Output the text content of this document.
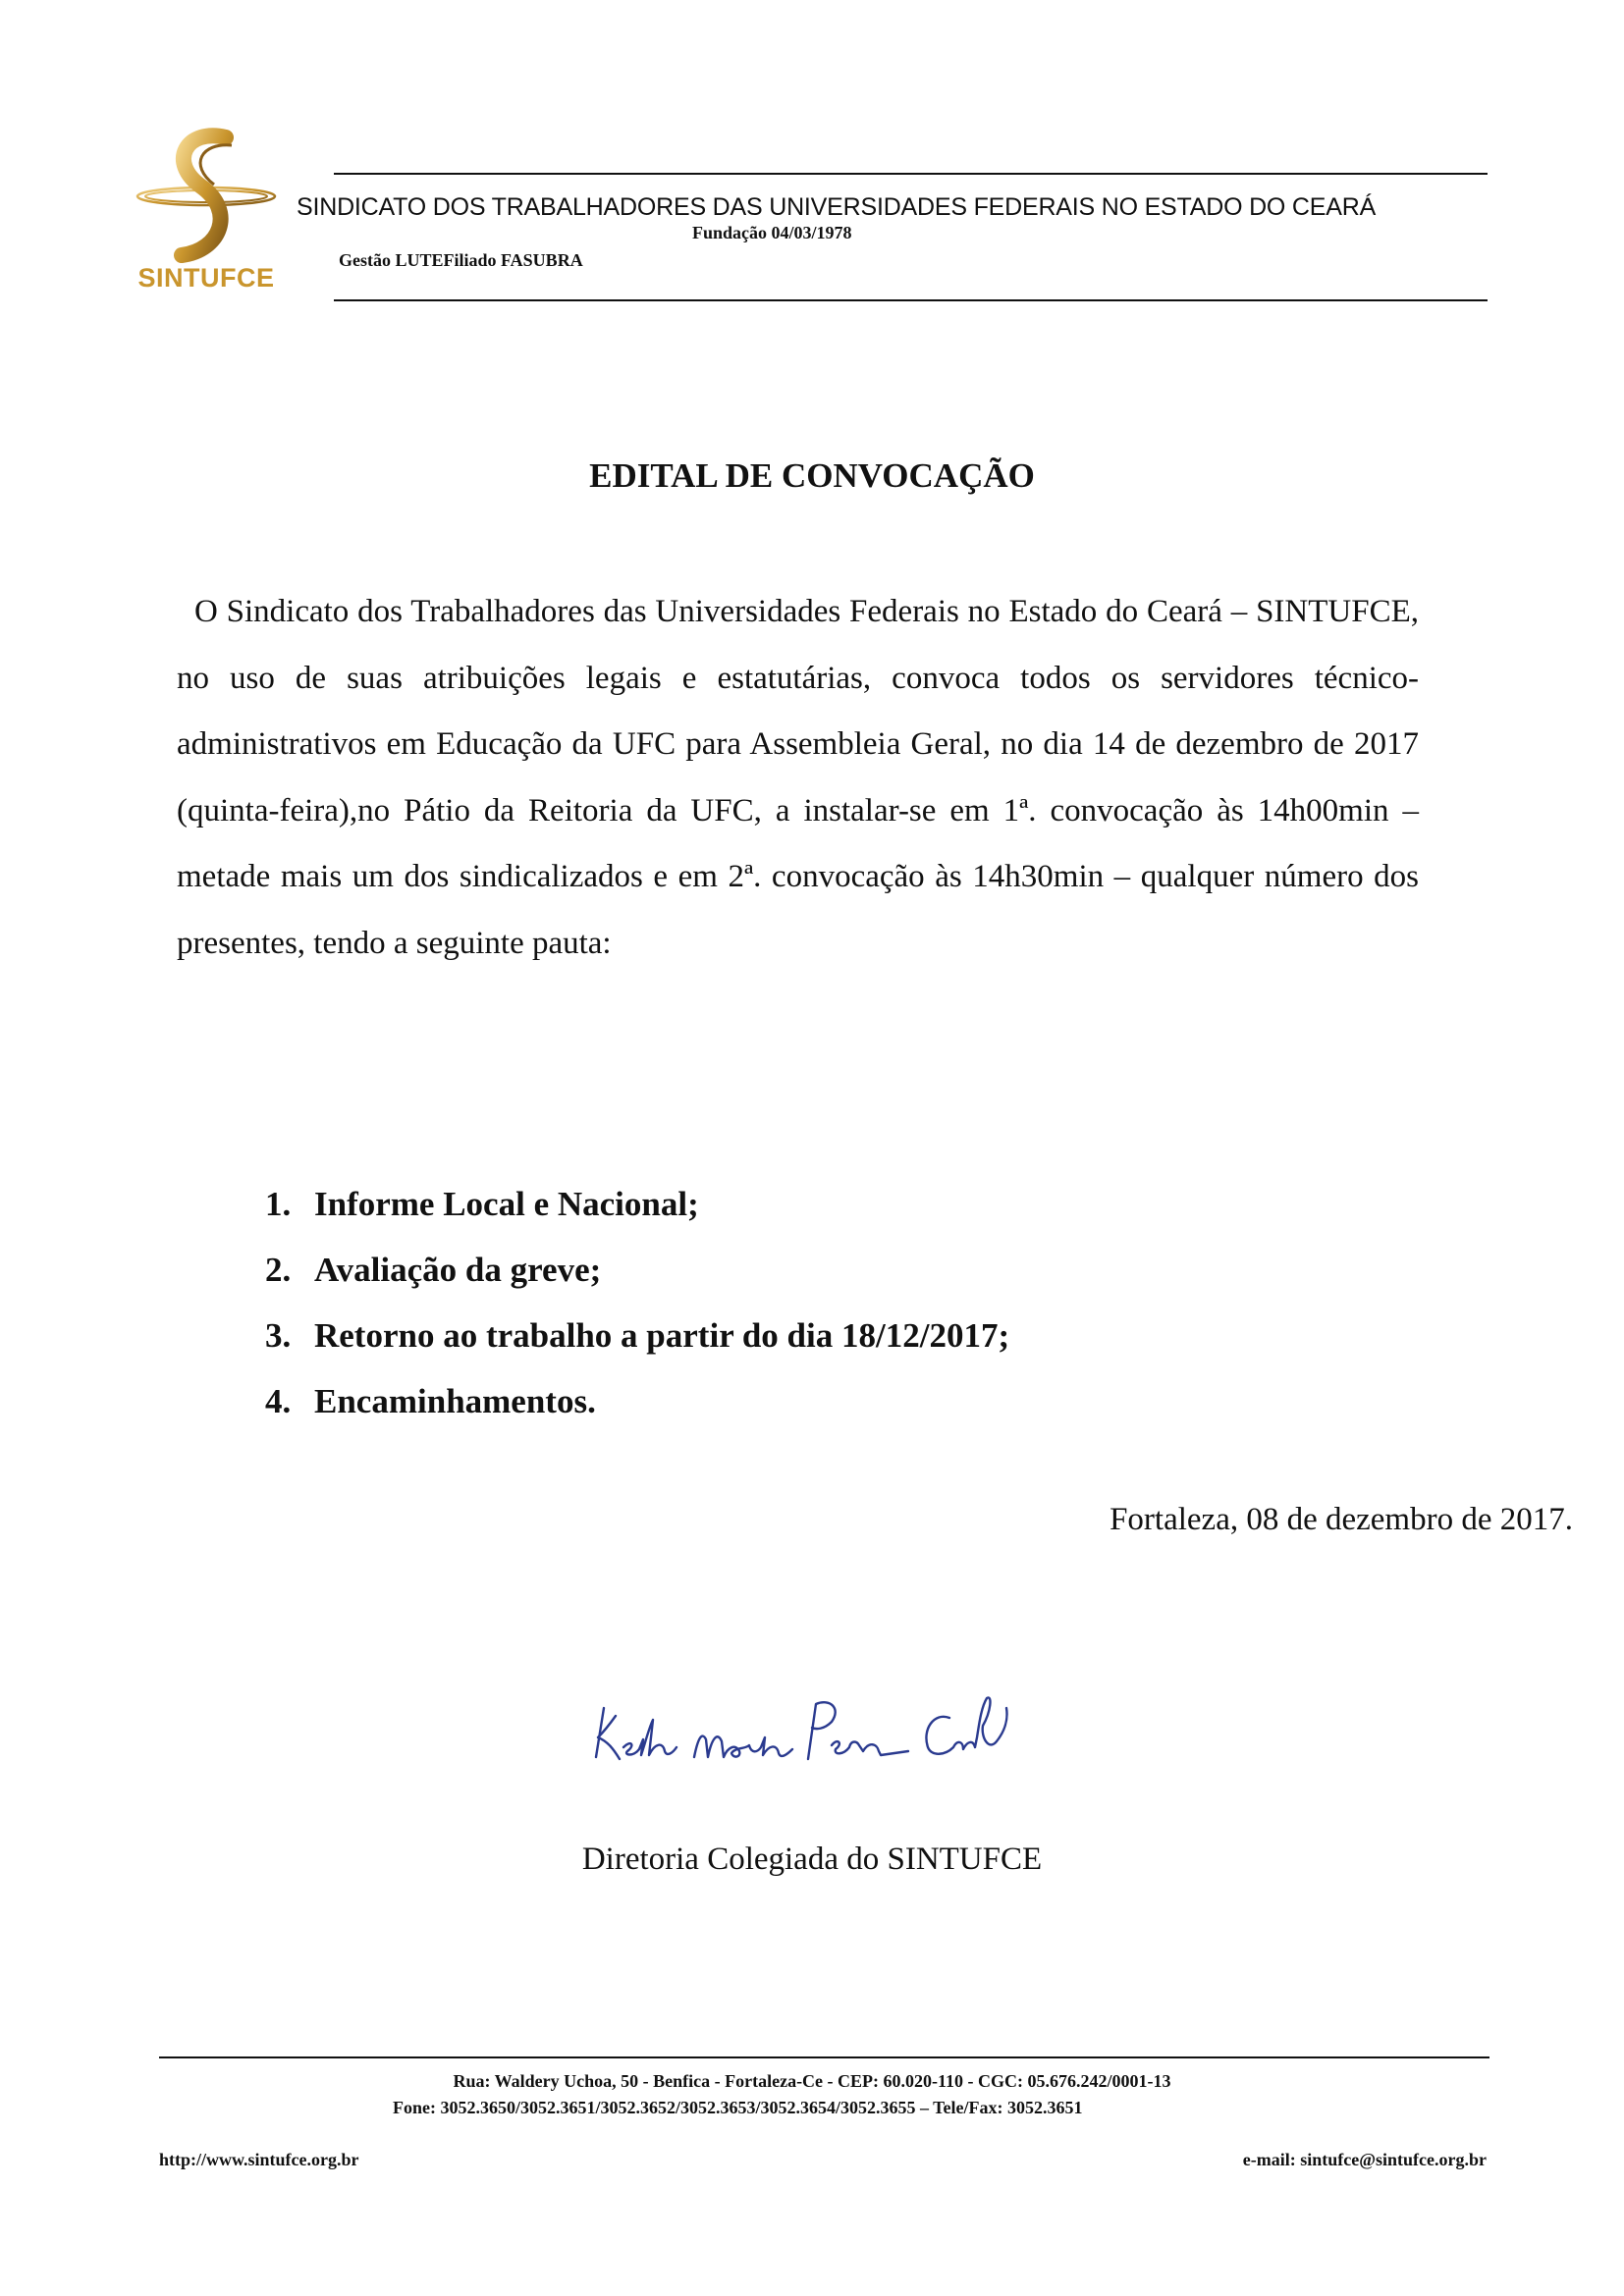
SINTUFCE
SINDICATO DOS TRABALHADORES DAS UNIVERSIDADES FEDERAIS NO ESTADO DO CEARÁ
Fundação 04/03/1978
Gestão LUTEFiliado FASUBRA
EDITAL DE CONVOCAÇÃO
O Sindicato dos Trabalhadores das Universidades Federais no Estado do Ceará – SINTUFCE, no uso de suas atribuições legais e estatutárias, convoca todos os servidores técnico-administrativos em Educação da UFC para Assembleia Geral, no dia 14 de dezembro de 2017 (quinta-feira),no Pátio da Reitoria da UFC, a instalar-se em 1ª. convocação às 14h00min – metade mais um dos sindicalizados e em 2ª. convocação às 14h30min – qualquer número dos presentes, tendo a seguinte pauta:
1. Informe Local e Nacional;
2. Avaliação da greve;
3. Retorno ao trabalho a partir do dia 18/12/2017;
4. Encaminhamentos.
Fortaleza, 08 de dezembro de 2017.
Diretoria Colegiada do SINTUFCE
Rua: Waldery Uchoa, 50 - Benfica - Fortaleza-Ce - CEP: 60.020-110 - CGC: 05.676.242/0001-13
Fone: 3052.3650/3052.3651/3052.3652/3052.3653/3052.3654/3052.3655 – Tele/Fax: 3052.3651
http://www.sintufce.org.br	e-mail: sintufce@sintufce.org.br
